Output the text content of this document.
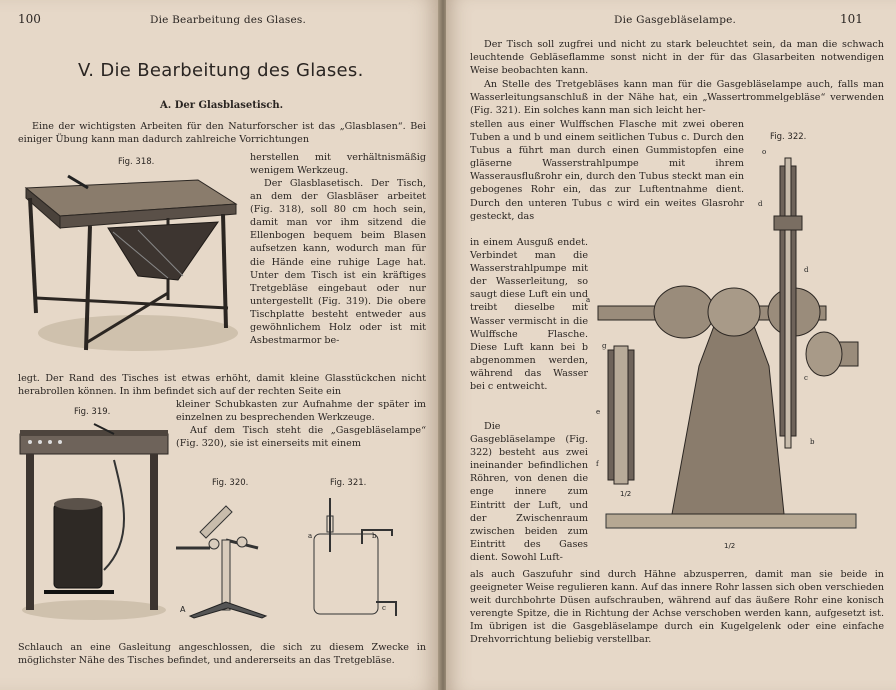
100	Die Bearbeitung des Glases.
V. Die Bearbeitung des Glases.
A. Der Glasblasetisch.

Eine der wichtigsten Arbeiten für den Naturforscher ist das „Glasblasen“. Bei einiger Übung kann man dadurch zahlreiche Vorrichtungen

herstellen mit verhältnismäßig wenigem Werkzeug.

Der Glasblasetisch. Der Tisch, an dem der Glasbläser arbeitet (Fig. 318), soll 80 cm hoch sein, damit man vor ihm sitzend die Ellenbogen bequem beim Blasen aufsetzen kann, wodurch man für die Hände eine ruhige Lage hat. Unter dem Tisch ist ein kräftiges Tretgebläse eingebaut oder nur untergestellt (Fig. 319). Die obere Tischplatte besteht entweder aus gewöhnlichem Holz oder ist mit Asbestmarmor be-

legt. Der Rand des Tisches ist etwas erhöht, damit kleine Glasstückchen nicht herabrollen können. In ihm befindet sich auf der rechten Seite ein

kleiner Schubkasten zur Aufnahme der später im einzelnen zu besprechenden Werkzeuge.

Auf dem Tisch steht die „Gasgebläselampe“ (Fig. 320), sie ist einerseits mit einem

Schlauch an eine Gasleitung angeschlossen, die sich zu diesem Zwecke in möglichster Nähe des Tisches befindet, und andererseits an das Tretgebläse.

Fig. 318.
Fig. 319.
Fig. 320.
A
Fig. 321.
a	b
c
Die Gasgebläselampe.	101

Der Tisch soll zugfrei und nicht zu stark beleuchtet sein, da man die schwach leuchtende Gebläseflamme sonst nicht in der für das Glasarbeiten notwendigen Weise beobachten kann.

An Stelle des Tretgebläses kann man für die Gasgebläselampe auch, falls man Wasserleitungsanschluß in der Nähe hat, ein „Wassertrommelgebläse“ verwenden (Fig. 321). Ein solches kann man sich leicht her-

stellen aus einer Wulffschen Flasche mit zwei oberen Tuben a und b und einem seitlichen Tubus c. Durch den Tubus a führt man durch einen Gummistopfen eine gläserne Wasserstrahlpumpe mit ihrem Wasserausflußrohr ein, durch den Tubus steckt man ein gebogenes Rohr ein, das zur Luftentnahme dient. Durch den unteren Tubus c wird ein weites Glasrohr gesteckt, das

in einem Ausguß endet. Verbindet man die Wasserstrahlpumpe mit der Wasserleitung, so saugt diese Luft ein und treibt dieselbe mit Wasser vermischt in die Wulffsche Flasche. Diese Luft kann bei b abgenommen werden, während das Wasser bei c entweicht.

Die Gasgebläselampe (Fig. 322) besteht aus zwei ineinander befindlichen Röhren, von denen die enge innere zum Eintritt der Luft, und der Zwischenraum zwischen beiden zum Eintritt des Gases dient. Sowohl Luft-

als auch Gaszufuhr sind durch Hähne abzusperren, damit man sie beide in geeigneter Weise regulieren kann. Auf das innere Rohr lassen sich oben verschieden weit durchbohrte Düsen aufschrauben, während auf das äußere Rohr eine konisch verengte Spitze, die in Richtung der Achse verschoben werden kann, aufgesetzt ist. Im übrigen ist die Gasgebläselampe durch ein Kugelgelenk oder eine einfache Drehvorrichtung beliebig verstellbar.

Fig. 322.
g
e
f
a
o
d
d
c
b
1/2
1/2
